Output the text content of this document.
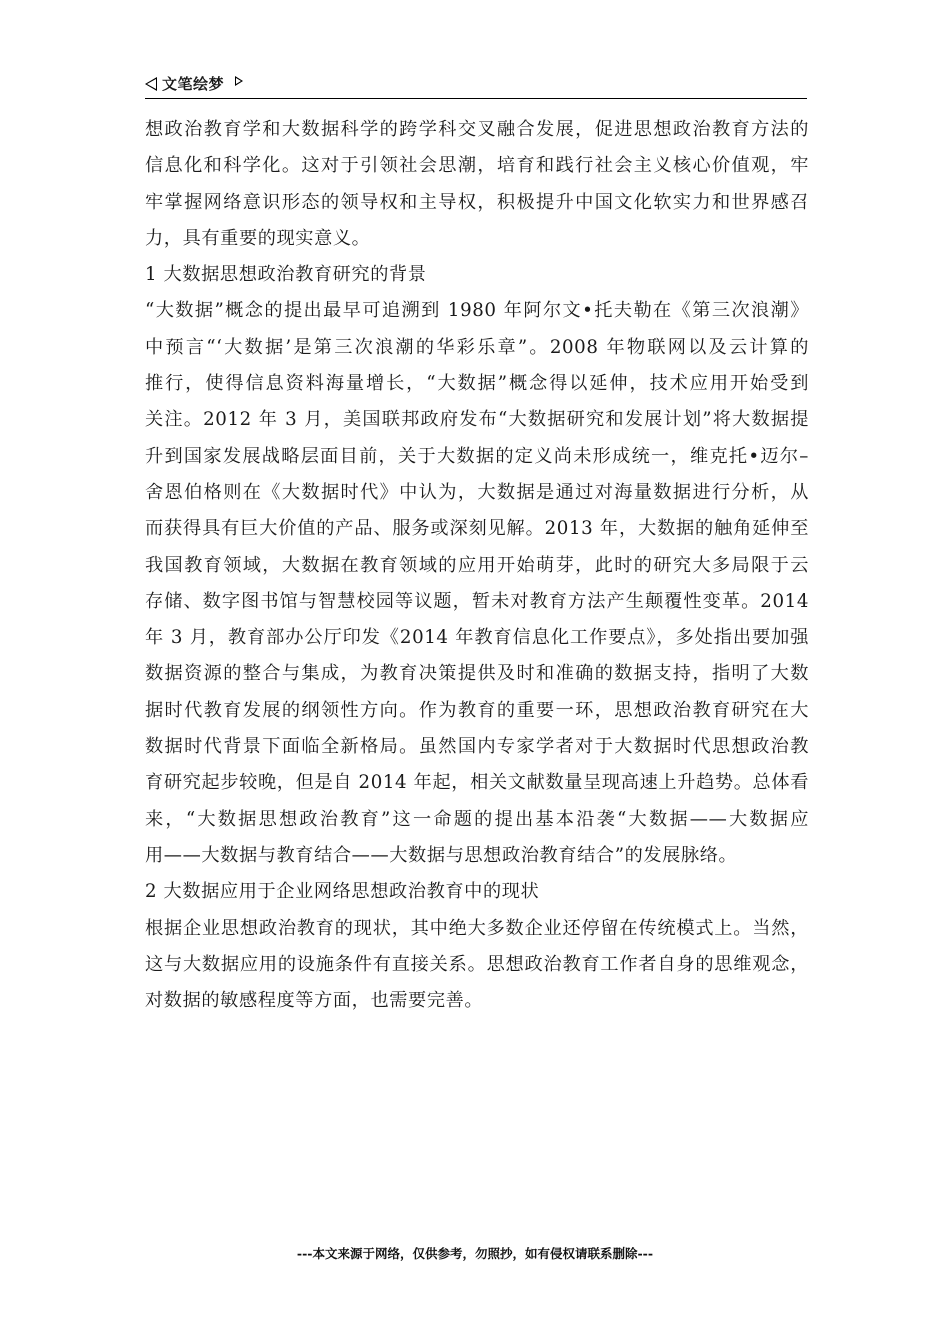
文笔绘梦
想政治教育学和大数据科学的跨学科交叉融合发展，促进思想政治教育方法的
信息化和科学化。这对于引领社会思潮，培育和践行社会主义核心价值观，牢
牢掌握网络意识形态的领导权和主导权，积极提升中国文化软实力和世界感召
力，具有重要的现实意义。
1 大数据思想政治教育研究的背景
“大数据”概念的提出最早可追溯到 1980 年阿尔文•托夫勒在《第三次浪潮》
中预言“‘大数据’是第三次浪潮的华彩乐章”。2008 年物联网以及云计算的
推行，使得信息资料海量增长，“大数据”概念得以延伸，技术应用开始受到
关注。2012 年 3 月，美国联邦政府发布“大数据研究和发展计划”将大数据提
升到国家发展战略层面目前，关于大数据的定义尚未形成统一，维克托•迈尔–
舍恩伯格则在《大数据时代》中认为，大数据是通过对海量数据进行分析，从
而获得具有巨大价值的产品、服务或深刻见解。2013 年，大数据的触角延伸至
我国教育领域，大数据在教育领域的应用开始萌芽，此时的研究大多局限于云
存储、数字图书馆与智慧校园等议题，暂未对教育方法产生颠覆性变革。2014
年 3 月，教育部办公厅印发《2014 年教育信息化工作要点》，多处指出要加强
数据资源的整合与集成，为教育决策提供及时和准确的数据支持，指明了大数
据时代教育发展的纲领性方向。作为教育的重要一环，思想政治教育研究在大
数据时代背景下面临全新格局。虽然国内专家学者对于大数据时代思想政治教
育研究起步较晚，但是自 2014 年起，相关文献数量呈现高速上升趋势。总体看
来，“大数据思想政治教育”这一命题的提出基本沿袭“大数据——大数据应
用——大数据与教育结合——大数据与思想政治教育结合”的发展脉络。
2 大数据应用于企业网络思想政治教育中的现状
根据企业思想政治教育的现状，其中绝大多数企业还停留在传统模式上。当然，
这与大数据应用的设施条件有直接关系。思想政治教育工作者自身的思维观念，
对数据的敏感程度等方面，也需要完善。
---本文来源于网络，仅供参考，勿照抄，如有侵权请联系删除---
